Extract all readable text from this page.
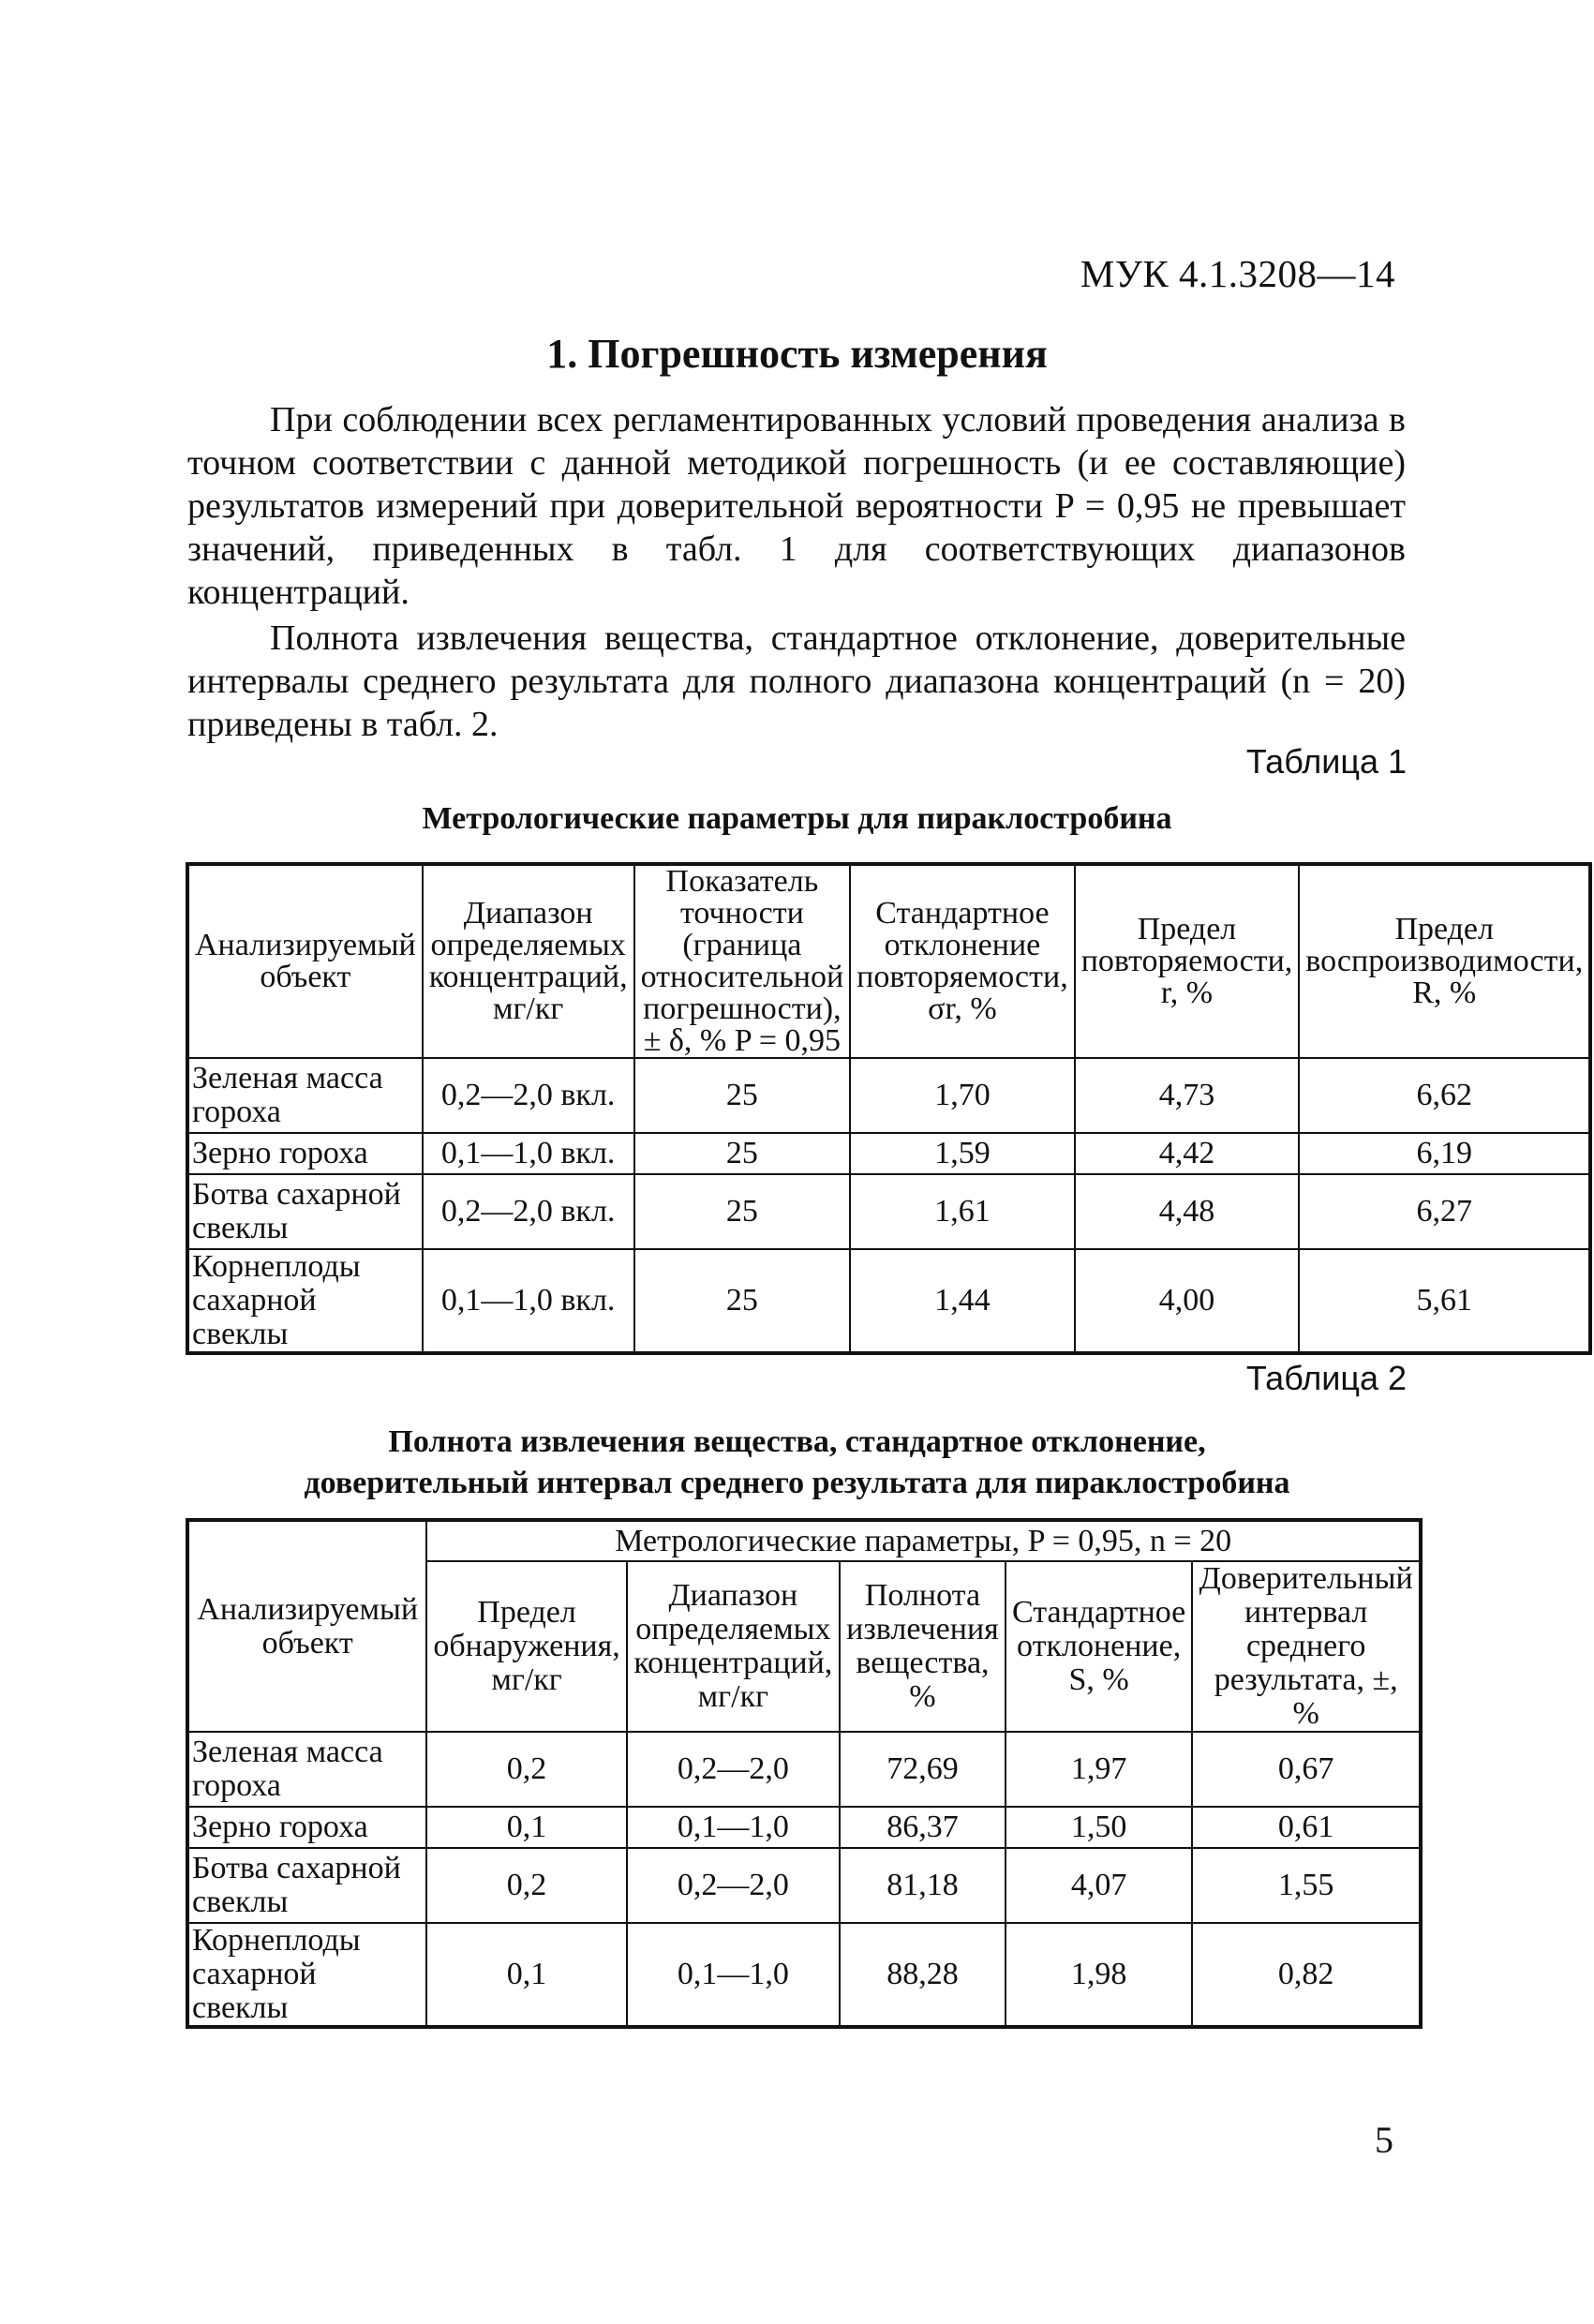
МУК 4.1.3208—14
1. Погрешность измерения

При соблюдении всех регламентированных условий проведения анализа в точном соответствии с данной методикой погрешность (и ее составляющие) результатов измерений при доверительной вероятности P = 0,95 не превышает значений, приведенных в табл. 1 для соответствующих диапазонов концентраций.

Полнота извлечения вещества, стандартное отклонение, доверительные интервалы среднего результата для полного диапазона концентраций (n = 20) приведены в табл. 2.

Таблица 1
Метрологические параметры для пираклостробина
Анализируемый объект	Диапазон определяемых концентраций, мг/кг	Показатель точности (граница относительной погрешности), ± δ, % P = 0,95	Стандартное отклонение повторяемости, σr, %	Предел повторяемости, r, %	Предел воспроизводимости, R, %
Зеленая масса гороха	0,2—2,0 вкл.	25	1,70	4,73	6,62
Зерно гороха	0,1—1,0 вкл.	25	1,59	4,42	6,19
Ботва сахарной свеклы	0,2—2,0 вкл.	25	1,61	4,48	6,27
Корнеплоды сахарной свеклы	0,1—1,0 вкл.	25	1,44	4,00	5,61
Таблица 2
Полнота извлечения вещества, стандартное отклонение,
доверительный интервал среднего результата для пираклостробина
Анализируемый объект	Метрологические параметры, P = 0,95, n = 20				
	Предел обнаружения, мг/кг	Диапазон определяемых концентраций, мг/кг	Полнота извлечения вещества, %	Стандартное отклонение, S, %	Доверительный интервал среднего результата, ±, %
Зеленая масса гороха	0,2	0,2—2,0	72,69	1,97	0,67
Зерно гороха	0,1	0,1—1,0	86,37	1,50	0,61
Ботва сахарной свеклы	0,2	0,2—2,0	81,18	4,07	1,55
Корнеплоды сахарной свеклы	0,1	0,1—1,0	88,28	1,98	0,82
5
